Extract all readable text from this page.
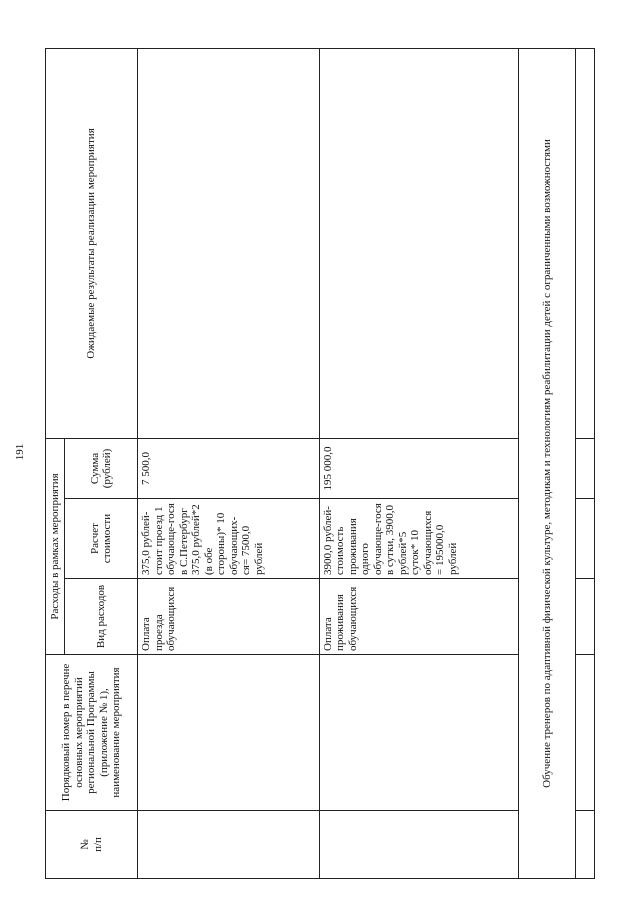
191
№
п/п	Порядковый номер в перечне основных мероприятий региональной Программы (приложение № 1), наименование мероприятия	Расходы в рамках мероприятия			Ожидаемые результаты реализации мероприятия
		Вид расходов	Расчет стоимости	Сумма (рублей)	
		Оплата проезда обучающихся	375,0 рублей-стоит проезд 1 обучающе-гося в С.Петербург 375,0 рублей*2 (в обе стороны)* 10 обучающих-ся= 7500,0 рублей	7 500,0	
		Оплата проживания обучающихся	3900,0 рублей-стоимость проживания одного обучающе-гося в сутки, 3900,0 рублей*5 суток* 10 обучающихся = 195000,0 рублей	195 000,0	
Обучение тренеров по адаптивной физической культуре, методикам и технологиям реабилитации детей с ограниченными возможностями					
